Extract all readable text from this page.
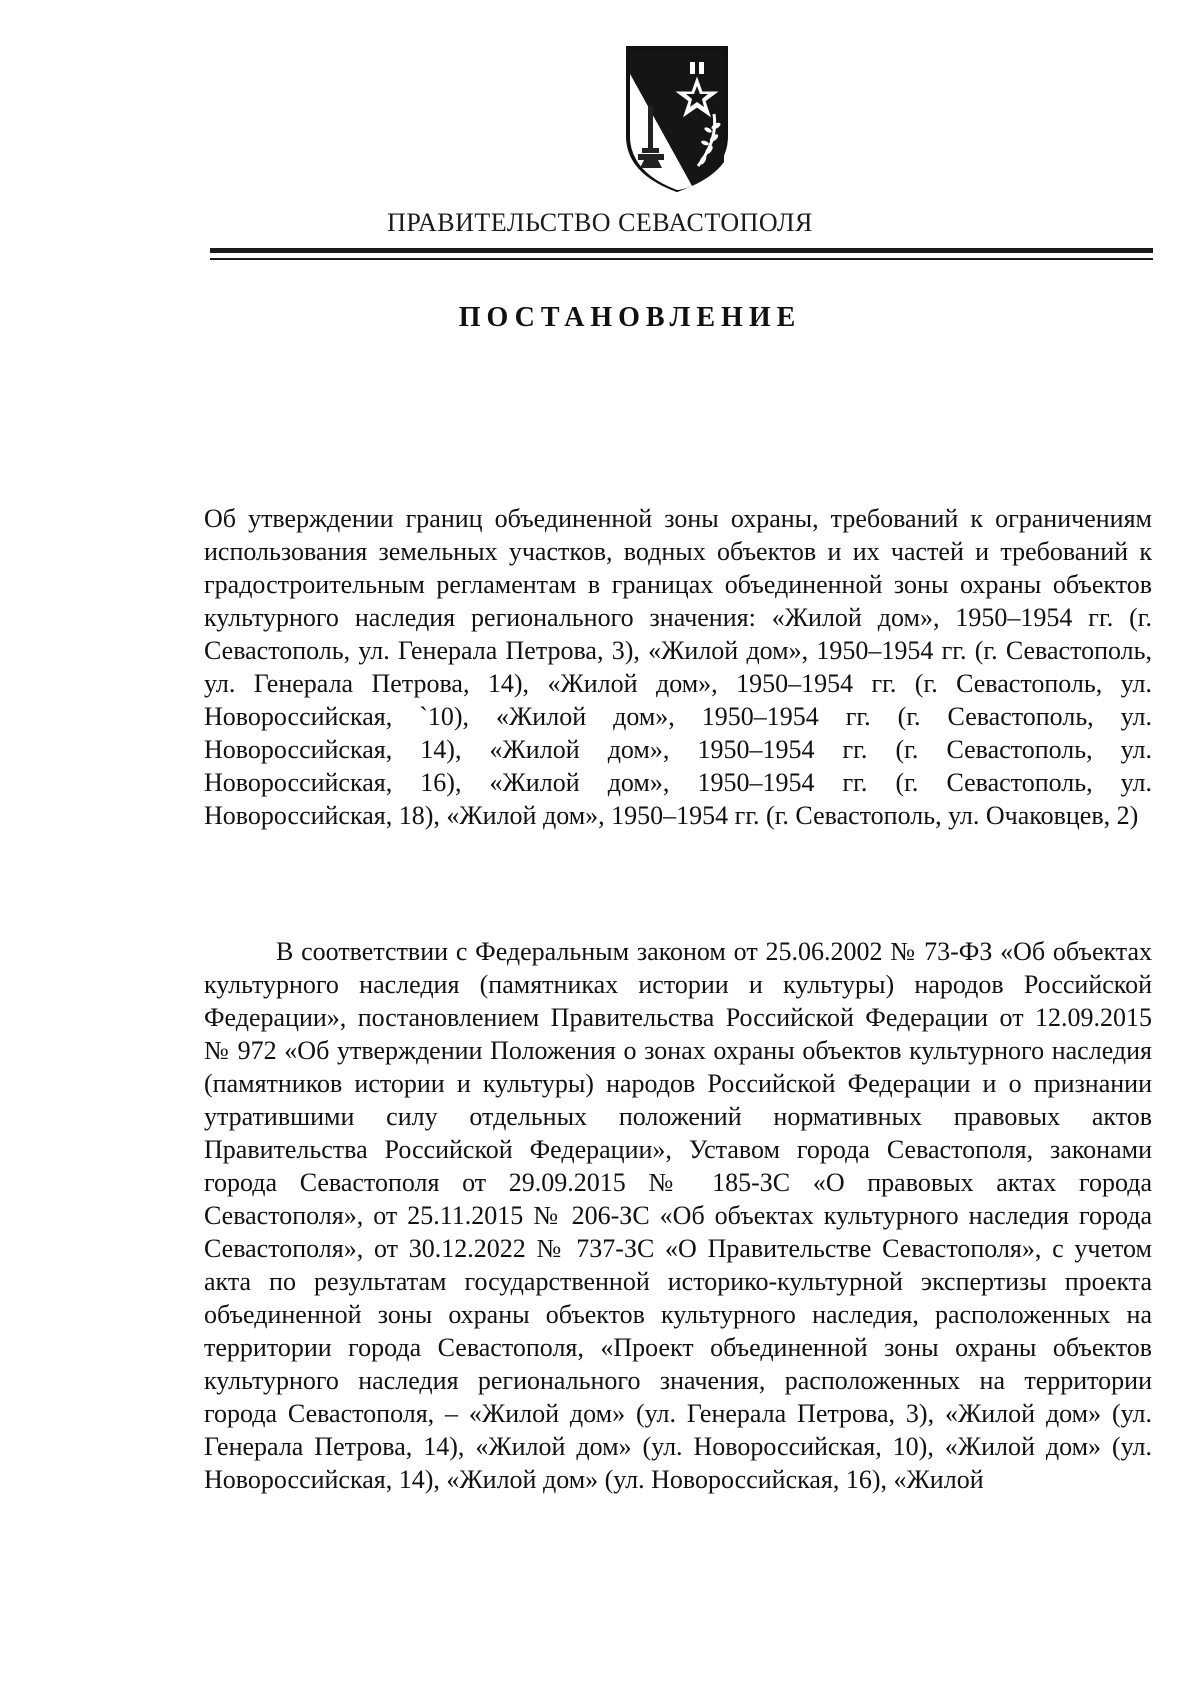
ПРАВИТЕЛЬСТВО СЕВАСТОПОЛЯ
ПОСТАНОВЛЕНИЕ
Об утверждении границ объединенной зоны охраны, требований к ограничениям использования земельных участков, водных объектов и их частей и требований к градостроительным регламентам в границах объединенной зоны охраны объектов культурного наследия регионального значения: «Жилой дом», 1950–1954 гг. (г. Севастополь, ул. Генерала Петрова, 3), «Жилой дом», 1950–1954 гг. (г. Севастополь, ул. Генерала Петрова, 14), «Жилой дом», 1950–1954 гг. (г. Севастополь, ул. Новороссийская, `10), «Жилой дом», 1950–1954 гг. (г. Севастополь, ул. Новороссийская, 14), «Жилой дом», 1950–1954 гг. (г. Севастополь, ул. Новороссийская, 16), «Жилой дом», 1950–1954 гг. (г. Севастополь, ул. Новороссийская, 18), «Жилой дом», 1950–1954 гг. (г. Севастополь, ул. Очаковцев, 2)
В соответствии с Федеральным законом от 25.06.2002 № 73-ФЗ «Об объектах культурного наследия (памятниках истории и культуры) народов Российской Федерации», постановлением Правительства Российской Федерации от 12.09.2015 № 972 «Об утверждении Положения о зонах охраны объектов культурного наследия (памятников истории и культуры) народов Российской Федерации и о признании утратившими силу отдельных положений нормативных правовых актов Правительства Российской Федерации», Уставом города Севастополя, законами города Севастополя от 29.09.2015 № 185-ЗС «О правовых актах города Севастополя», от 25.11.2015 № 206-ЗС «Об объектах культурного наследия города Севастополя», от 30.12.2022 № 737-ЗС «О Правительстве Севастополя», с учетом акта по результатам государственной историко-культурной экспертизы проекта объединенной зоны охраны объектов культурного наследия, расположенных на территории города Севастополя, «Проект объединенной зоны охраны объектов культурного наследия регионального значения, расположенных на территории города Севастополя, – «Жилой дом» (ул. Генерала Петрова, 3), «Жилой дом» (ул. Генерала Петрова, 14), «Жилой дом» (ул. Новороссийская, 10), «Жилой дом» (ул. Новороссийская, 14), «Жилой дом» (ул. Новороссийская, 16), «Жилой
